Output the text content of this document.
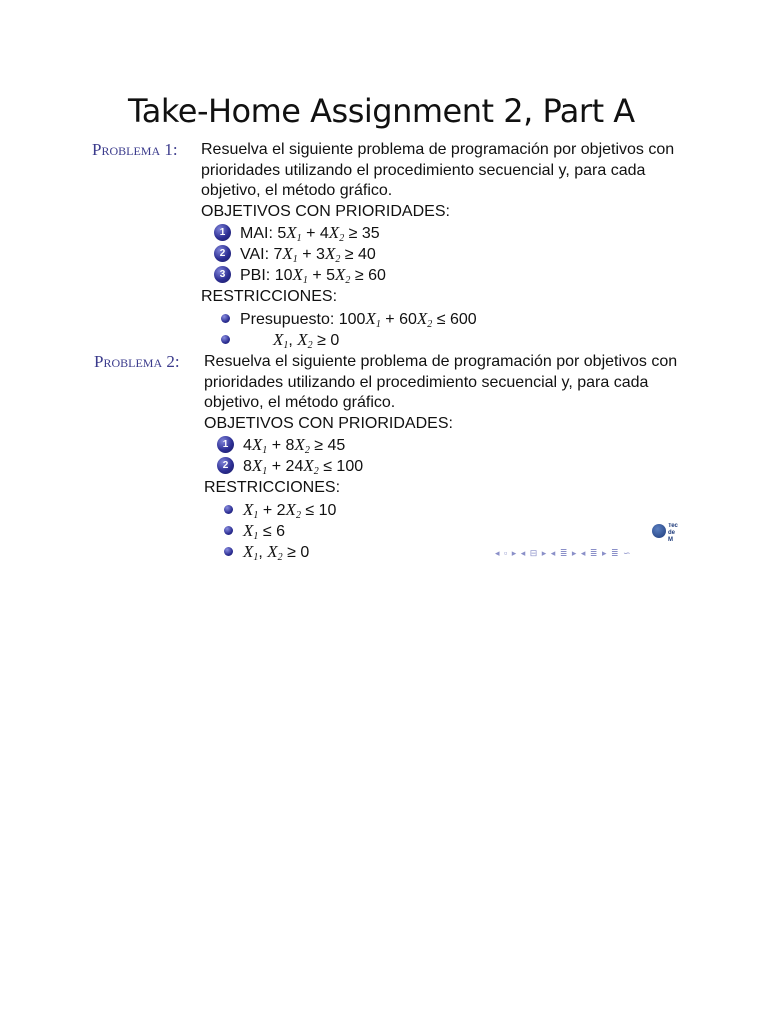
Take-Home Assignment 2, Part A
Problema 1: Resuelva el siguiente problema de programación por objetivos con
prioridades utilizando el procedimiento secuencial y, para cada
objetivo, el método gráfico.
OBJETIVOS CON PRIORIDADES:
1 MAI: $5X_1 + 4X_2 \ge 35$
2 VAI: $7X_1 + 3X_2 \ge 40$
3 PBI: $10X_1 + 5X_2 \ge 60$
RESTRICCIONES:
Presupuesto: $100X_1 + 60X_2 \le 600$
$X_1$, $X_2 \ge 0$
Problema 2: Resuelva el siguiente problema de programación por objetivos con
prioridades utilizando el procedimiento secuencial y, para cada
objetivo, el método gráfico.
OBJETIVOS CON PRIORIDADES:
1 $4X_1 + 8X_2 \ge 45$
2 $8X_1 + 24X_2 \le 100$
RESTRICCIONES:
$X_1 + 2X_2 \le 10$
$X_1 \le 6$
$X_1$, $X_2 \ge 0$
Tec de M
◂ ▫ ▸ ◂ ⊟ ▸ ◂ ≣ ▸ ◂ ≣ ▸ ≣ ∽
